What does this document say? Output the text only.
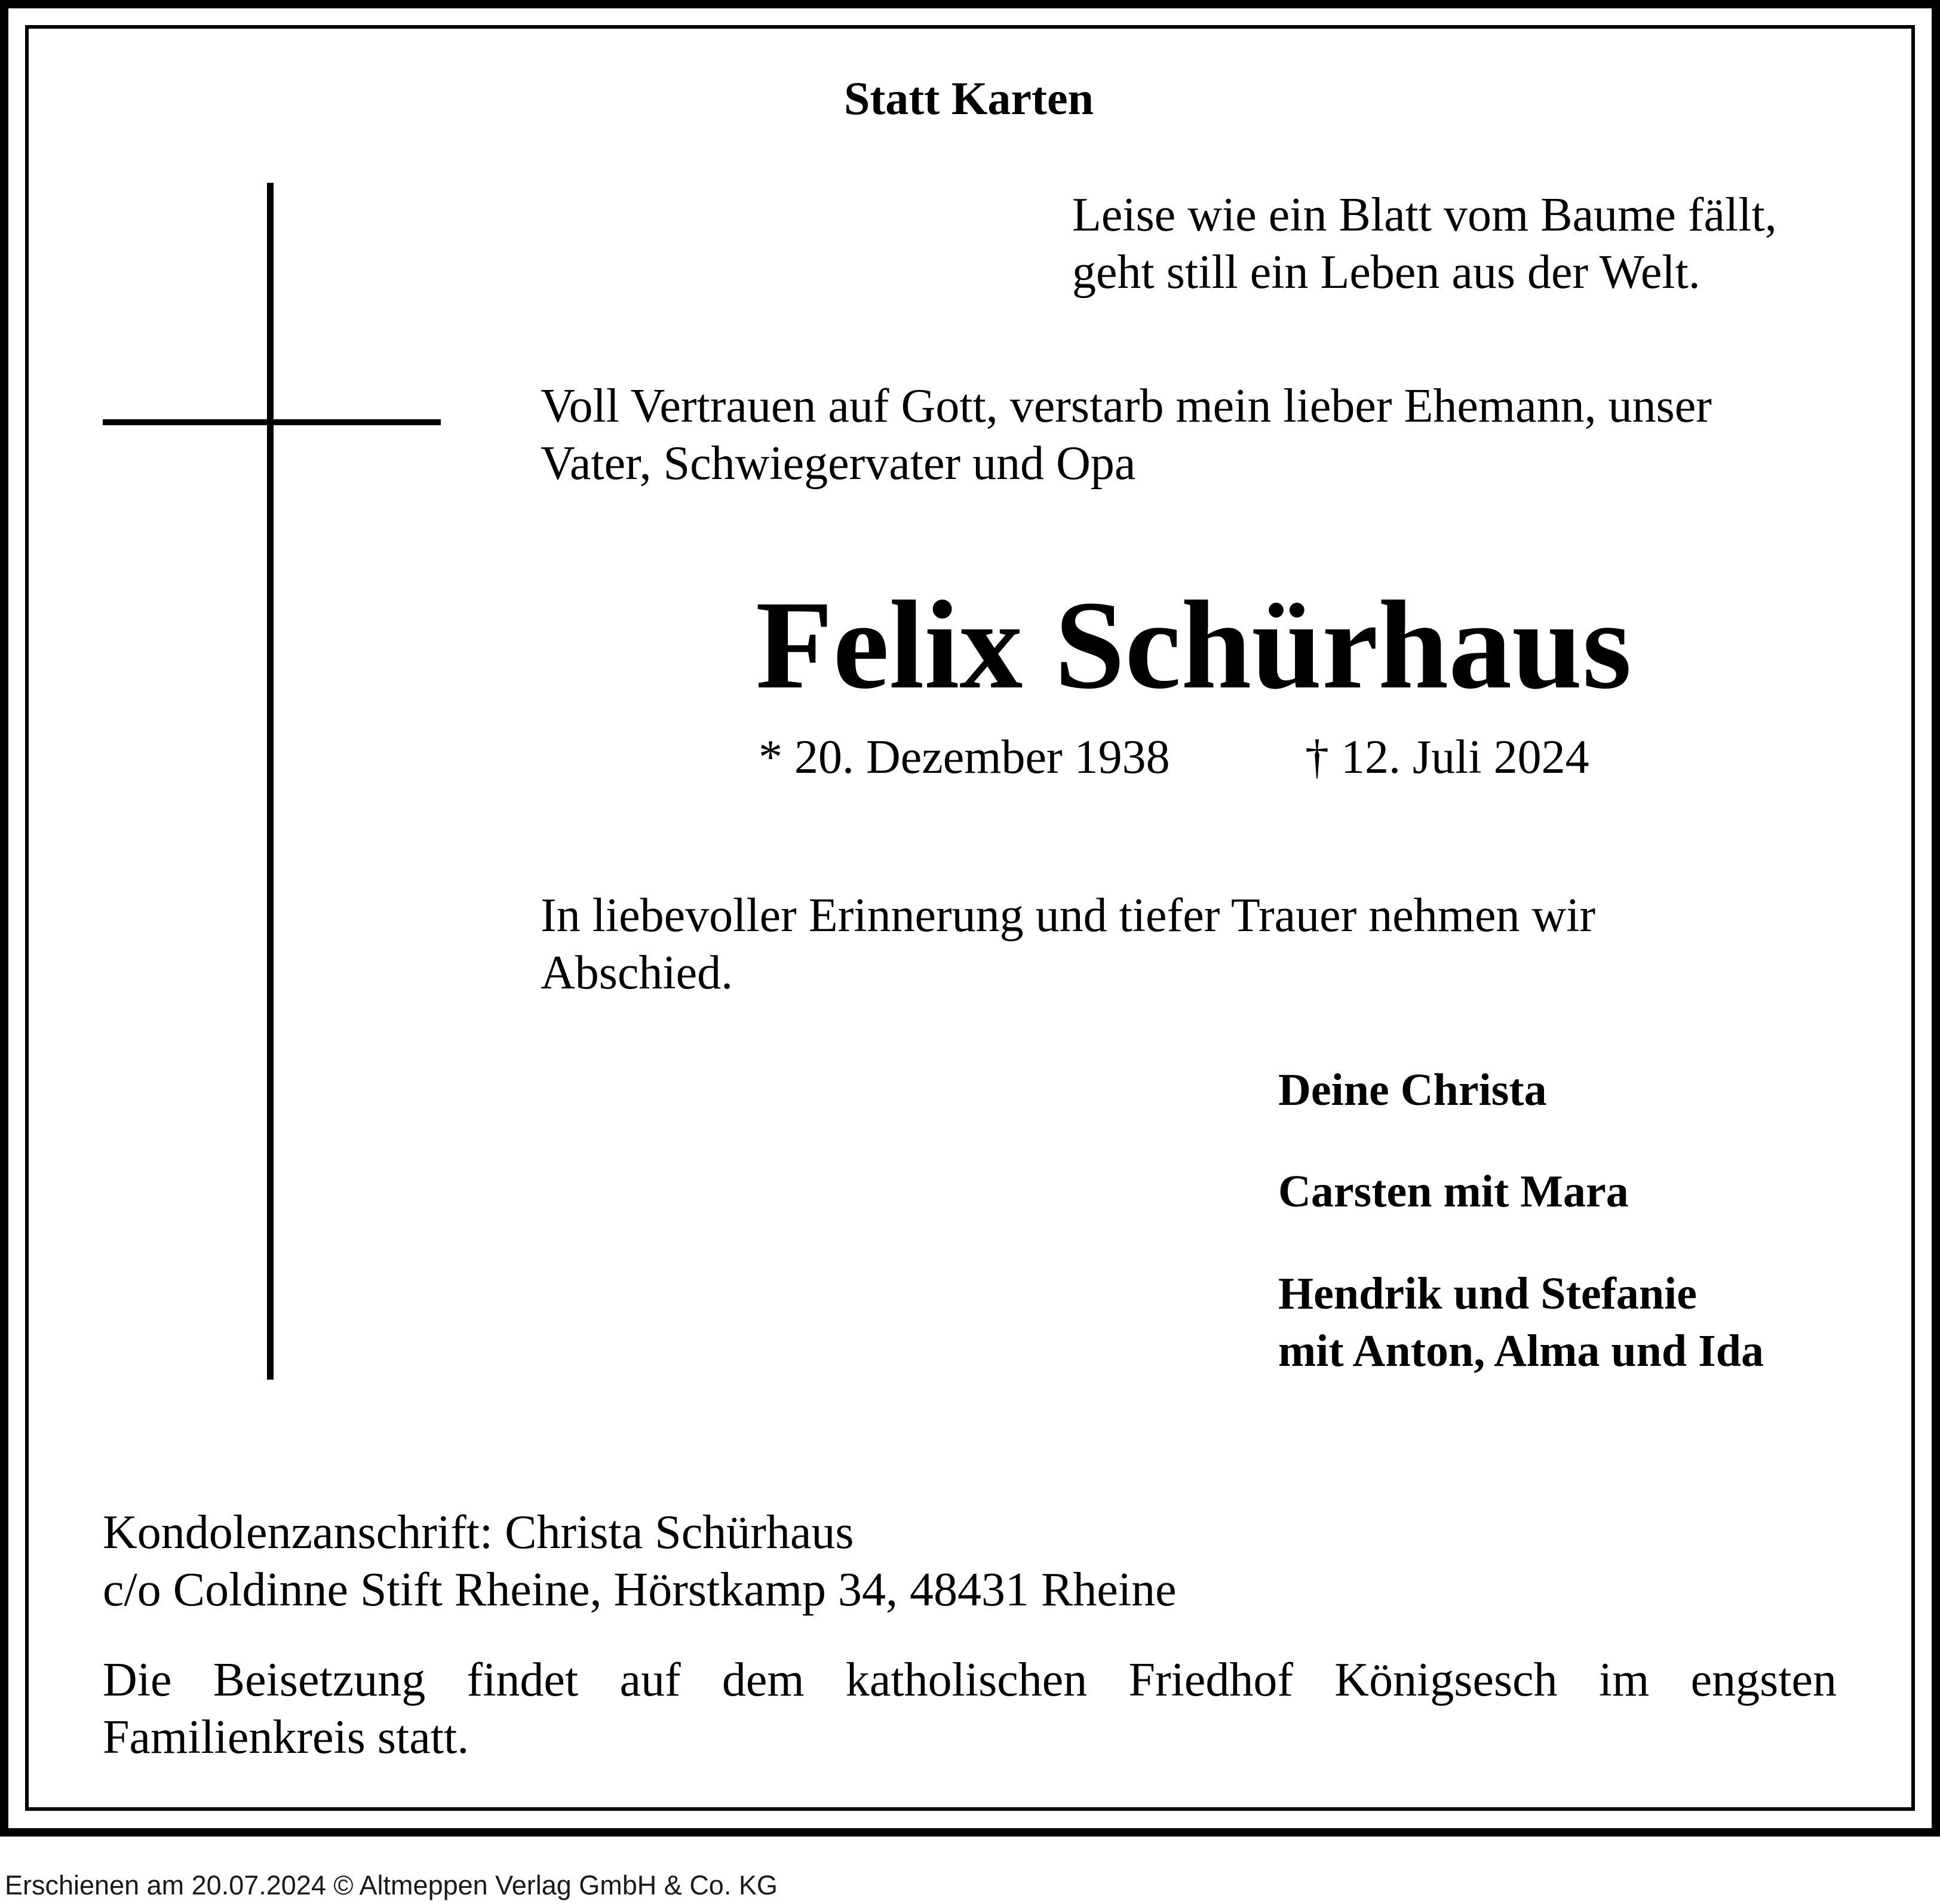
Statt Karten

Leise wie ein Blatt vom Baume fällt,
geht still ein Leben aus der Welt.

Voll Vertrauen auf Gott, verstarb mein lieber Ehemann, unser
Vater, Schwiegervater und Opa

Felix Schürhaus

* 20. Dezember 1938	† 12. Juli 2024

In liebevoller Erinnerung und tiefer Trauer nehmen wir
Abschied.

Deine Christa

Carsten mit Mara

Hendrik und Stefanie
mit Anton, Alma und Ida

Kondolenzanschrift: Christa Schürhaus
c/o Coldinne Stift Rheine, Hörstkamp 34, 48431 Rheine

Die Beisetzung findet auf dem katholischen Friedhof Königsesch im engsten Familienkreis statt.

Erschienen am 20.07.2024 © Altmeppen Verlag GmbH & Co. KG
